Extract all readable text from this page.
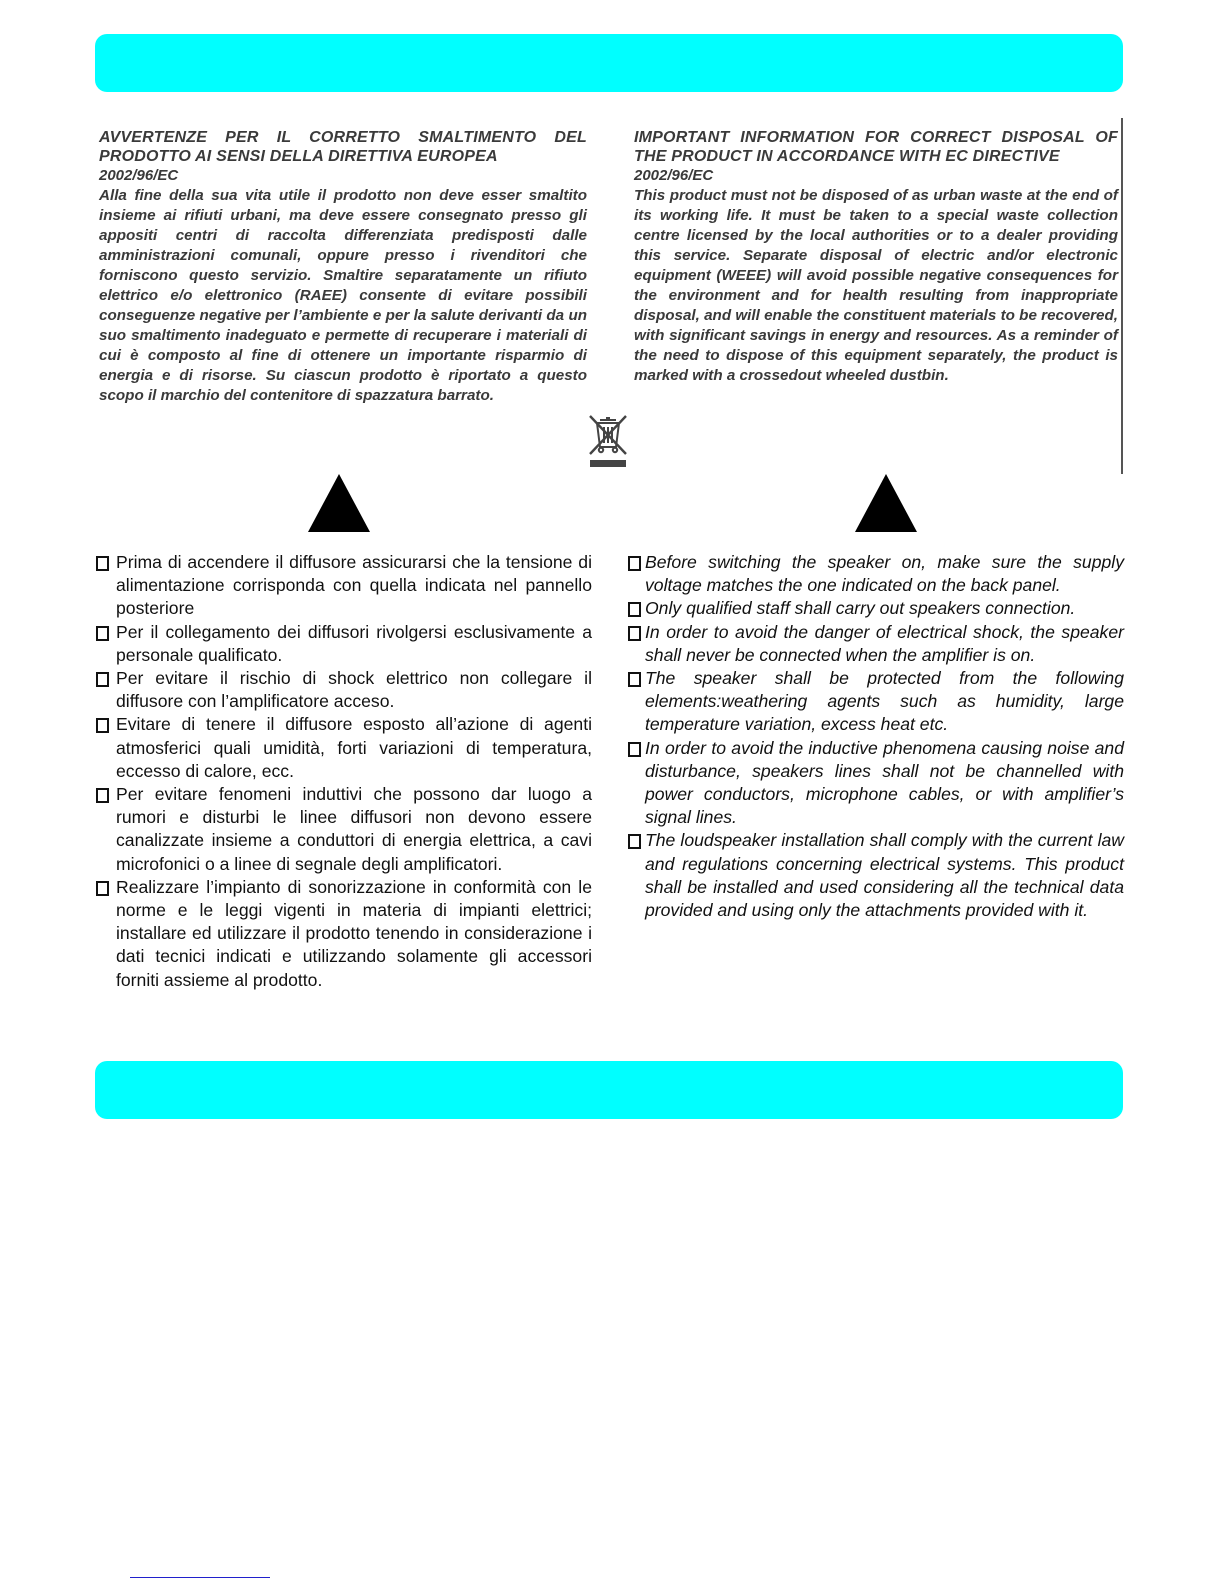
AVVERTENZE PER IL CORRETTO SMALTIMENTO DEL PRODOTTO AI SENSI DELLA DIRETTIVA EUROPEA

2002/96/EC

Alla fine della sua vita utile il prodotto non deve esser smaltito insieme ai rifiuti urbani, ma deve essere consegnato presso gli appositi centri di raccolta differenziata predisposti dalle amministrazioni comunali, oppure presso i rivenditori che forniscono questo servizio. Smaltire separatamente un rifiuto elettrico e/o elettronico (RAEE) consente di evitare possibili conseguenze negative per l’ambiente e per la salute derivanti da un suo smaltimento inadeguato e permette di recuperare i materiali di cui è composto al fine di ottenere un importante risparmio di energia e di risorse. Su ciascun prodotto è riportato a questo scopo il marchio del contenitore di spazzatura barrato.

IMPORTANT INFORMATION FOR CORRECT DISPOSAL OF THE PRODUCT IN ACCORDANCE WITH EC DIRECTIVE

2002/96/EC

This product must not be disposed of as urban waste at the end of its working life. It must be taken to a special waste collection centre licensed by the local authorities or to a dealer providing this service. Separate disposal of electric and/or electronic equipment (WEEE) will avoid possible negative consequences for the environment and for health resulting from inappropriate disposal, and will enable the constituent materials to be recovered, with significant savings in energy and resources. As a reminder of the need to dispose of this equipment separately, the product is marked with a crossedout wheeled dustbin.

Prima di accendere il diffusore assicurarsi che la tensione di alimentazione corrisponda con quella indicata nel pannello posteriore
Per il collegamento dei diffusori rivolgersi esclusivamente a personale qualificato.
Per evitare il rischio di shock elettrico non collegare il diffusore con l’amplificatore acceso.
Evitare di tenere il diffusore esposto all’azione di agenti atmosferici quali umidità, forti variazioni di temperatura, eccesso di calore, ecc.
Per evitare fenomeni induttivi che possono dar luogo a rumori e disturbi le linee diffusori non devono essere canalizzate insieme a conduttori di energia elettrica, a cavi microfonici o a linee di segnale degli amplificatori.
Realizzare l’impianto di sonorizzazione in conformità con le norme e le leggi vigenti in materia di impianti elettrici; installare ed utilizzare il prodotto tenendo in considerazione i dati tecnici indicati e utilizzando solamente gli accessori forniti assieme al prodotto.
Before switching the speaker on, make sure the supply voltage matches the one indicated on the back panel.
Only qualified staff shall carry out speakers connection.
In order to avoid the danger of electrical shock, the speaker shall never be connected when the amplifier is on.
The speaker shall be protected from the following elements:weathering agents such as humidity, large temperature variation, excess heat etc.
In order to avoid the inductive phenomena causing noise and disturbance, speakers lines shall not be channelled with power conductors, microphone cables, or with amplifier’s signal lines.
The loudspeaker installation shall comply with the current law and regulations concerning electrical systems. This product shall be installed and used considering all the technical data provided and using only the attachments provided with it.
